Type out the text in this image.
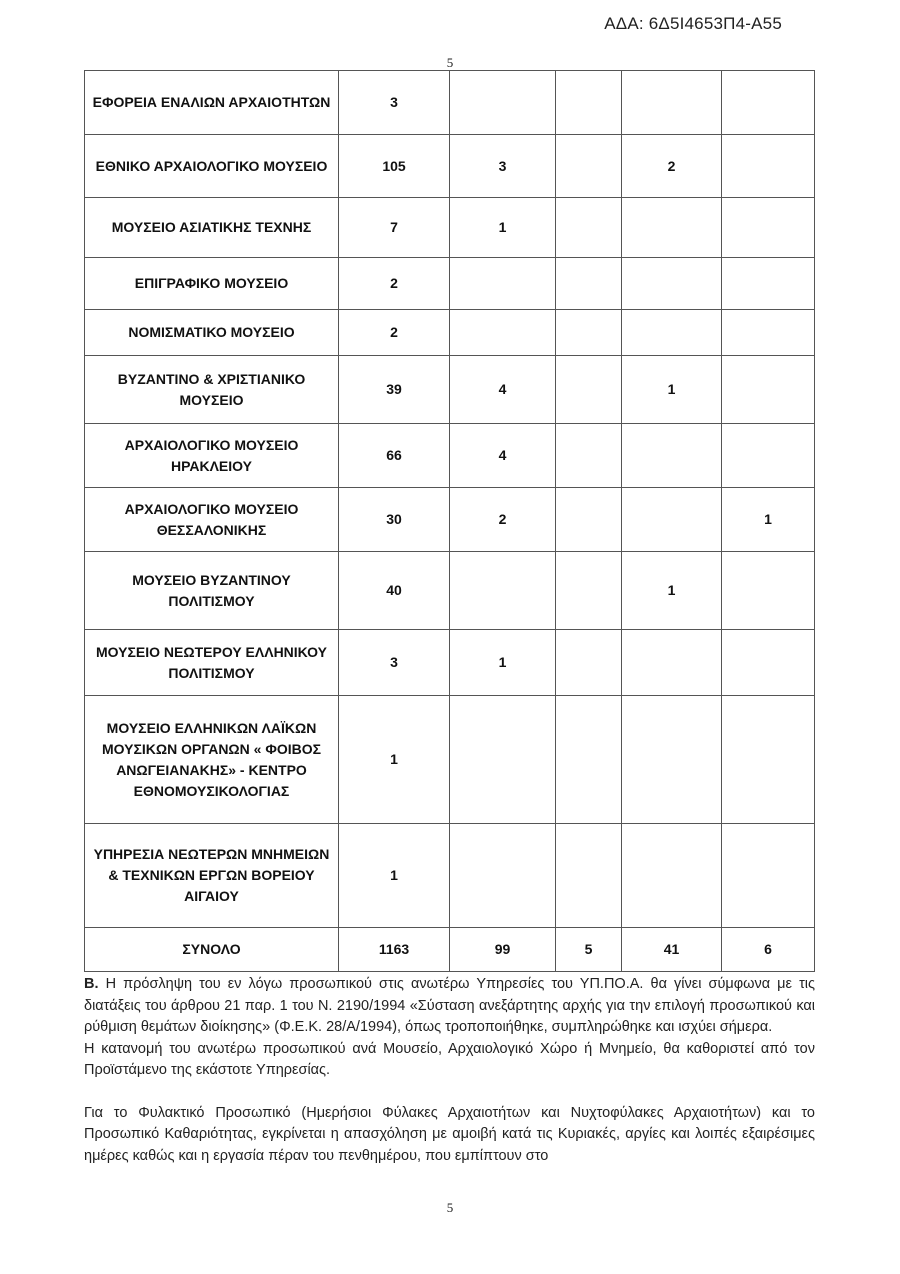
ΑΔΑ: 6Δ5Ι4653Π4-Α55
5
ΕΦΟΡΕΙΑ ΕΝΑΛΙΩΝ ΑΡΧΑΙΟΤΗΤΩΝ	3				
ΕΘΝΙΚΟ ΑΡΧΑΙΟΛΟΓΙΚΟ ΜΟΥΣΕΙΟ	105	3		2	
ΜΟΥΣΕΙΟ ΑΣΙΑΤΙΚΗΣ ΤΕΧΝΗΣ	7	1			
ΕΠΙΓΡΑΦΙΚΟ ΜΟΥΣΕΙΟ	2				
ΝΟΜΙΣΜΑΤΙΚΟ ΜΟΥΣΕΙΟ	2				
ΒΥΖΑΝΤΙΝΟ & ΧΡΙΣΤΙΑΝΙΚΟ ΜΟΥΣΕΙΟ	39	4		1	
ΑΡΧΑΙΟΛΟΓΙΚΟ ΜΟΥΣΕΙΟ ΗΡΑΚΛΕΙΟΥ	66	4			
ΑΡΧΑΙΟΛΟΓΙΚΟ ΜΟΥΣΕΙΟ ΘΕΣΣΑΛΟΝΙΚΗΣ	30	2			1
ΜΟΥΣΕΙΟ ΒΥΖΑΝΤΙΝΟΥ ΠΟΛΙΤΙΣΜΟΥ	40			1	
ΜΟΥΣΕΙΟ ΝΕΩΤΕΡΟΥ ΕΛΛΗΝΙΚΟΥ ΠΟΛΙΤΙΣΜΟΥ	3	1			
ΜΟΥΣΕΙΟ ΕΛΛΗΝΙΚΩΝ ΛΑΪΚΩΝ ΜΟΥΣΙΚΩΝ ΟΡΓΑΝΩΝ « ΦΟΙΒΟΣ ΑΝΩΓΕΙΑΝΑΚΗΣ» - ΚΕΝΤΡΟ ΕΘΝΟΜΟΥΣΙΚΟΛΟΓΙΑΣ	1				
ΥΠΗΡΕΣΙΑ ΝΕΩΤΕΡΩΝ ΜΝΗΜΕΙΩΝ & ΤΕΧΝΙΚΩΝ ΕΡΓΩΝ ΒΟΡΕΙΟΥ ΑΙΓΑΙΟΥ	1				
ΣΥΝΟΛΟ	1163	99	5	41	6

Β. Η πρόσληψη του εν λόγω προσωπικού στις ανωτέρω Υπηρεσίες του ΥΠ.ΠΟ.Α. θα γίνει σύμφωνα με τις διατάξεις του άρθρου 21 παρ. 1 του Ν. 2190/1994 «Σύσταση ανεξάρτητης αρχής για την επιλογή προσωπικού και ρύθμιση θεμάτων διοίκησης» (Φ.Ε.Κ. 28/Α/1994), όπως τροποποιήθηκε, συμπληρώθηκε και ισχύει σήμερα.

Η κατανομή του ανωτέρω προσωπικού ανά Μουσείο, Αρχαιολογικό Χώρο ή Μνημείο, θα καθοριστεί από τον Προϊστάμενο της εκάστοτε Υπηρεσίας.

Για το Φυλακτικό Προσωπικό (Ημερήσιοι Φύλακες Αρχαιοτήτων και Νυχτοφύλακες Αρχαιοτήτων) και το Προσωπικό Καθαριότητας, εγκρίνεται η απασχόληση με αμοιβή κατά τις Κυριακές, αργίες και λοιπές εξαιρέσιμες ημέρες καθώς και η εργασία πέραν του πενθημέρου, που εμπίπτουν στο

5
